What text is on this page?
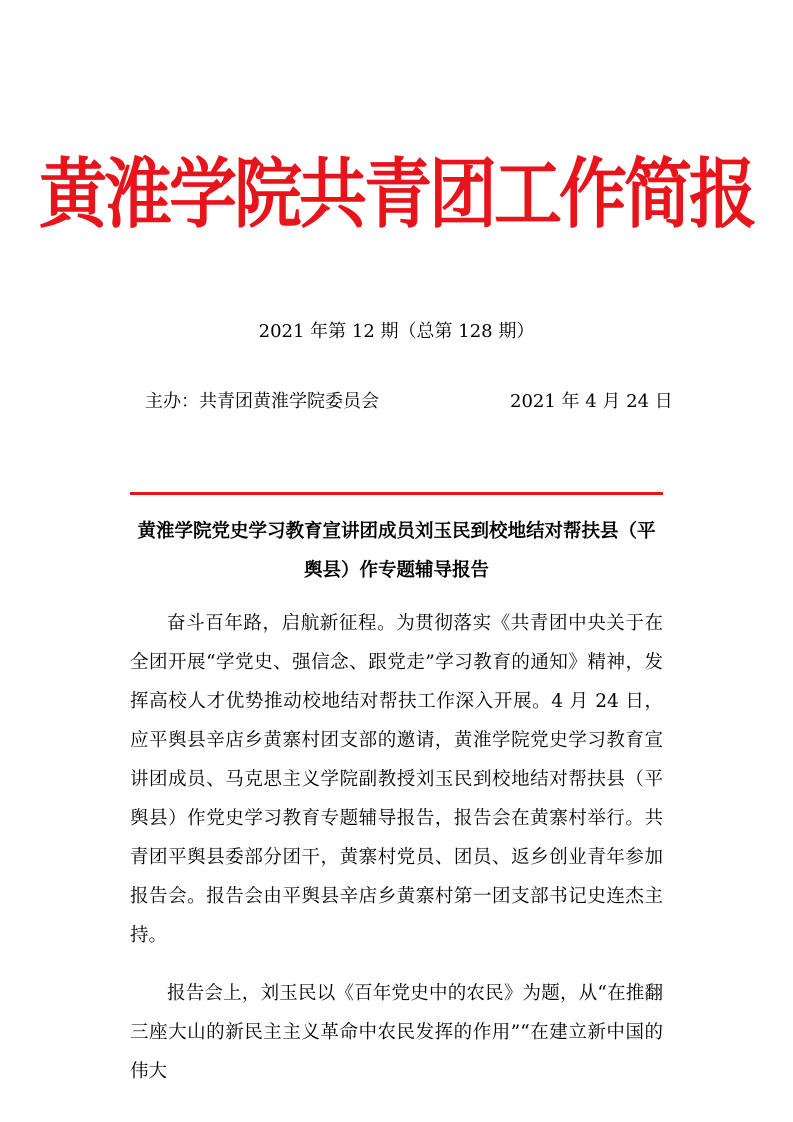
黄淮学院共青团工作简报
2021 年第 12 期（总第 128 期）
主办：共青团黄淮学院委员会	2021 年 4 月 24 日
黄淮学院党史学习教育宣讲团成员刘玉民到校地结对帮扶县（平舆县）作专题辅导报告

奋斗百年路，启航新征程。为贯彻落实《共青团中央关于在全团开展“学党史、强信念、跟党走”学习教育的通知》精神，发挥高校人才优势推动校地结对帮扶工作深入开展。4 月 24 日，应平舆县辛店乡黄寨村团支部的邀请，黄淮学院党史学习教育宣讲团成员、马克思主义学院副教授刘玉民到校地结对帮扶县（平舆县）作党史学习教育专题辅导报告，报告会在黄寨村举行。共青团平舆县委部分团干，黄寨村党员、团员、返乡创业青年参加报告会。报告会由平舆县辛店乡黄寨村第一团支部书记史连杰主持。

报告会上，刘玉民以《百年党史中的农民》为题，从“在推翻三座大山的新民主主义革命中农民发挥的作用”“在建立新中国的伟大
